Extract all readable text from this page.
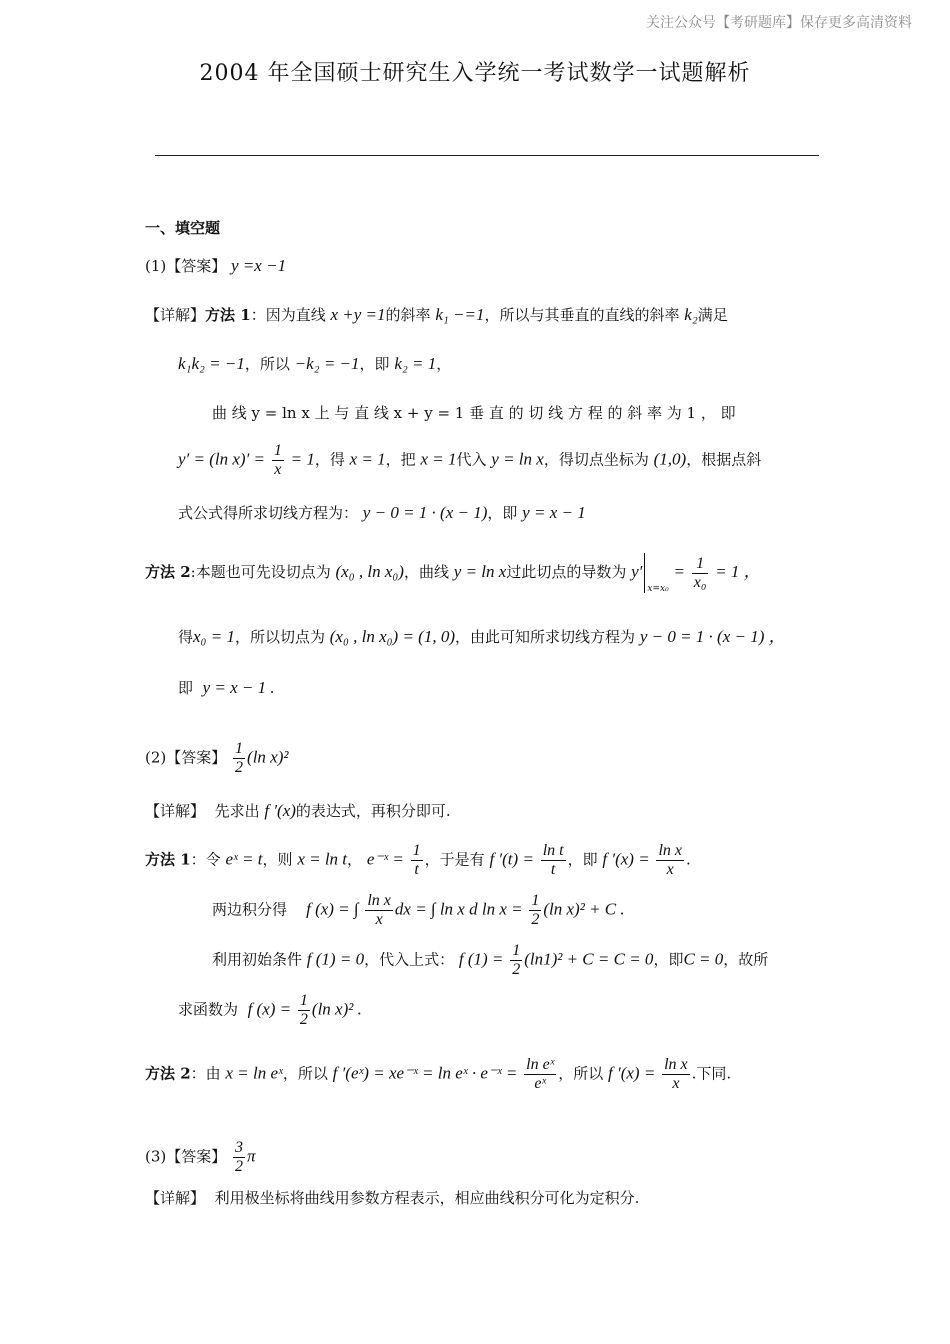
关注公众号【考研题库】保存更多高清资料
2004 年全国硕士研究生入学统一考试数学一试题解析
一、填空题
(1)【答案】 y =x −1
【详解】方法 1：因为直线 x +y =1的斜率 k₁ −=1，所以与其垂直的直线的斜率 k₂满足
k₁k₂ = −1，所以 −k₂ = −1，即 k₂ = 1，
曲 线 y = ln x 上 与 直 线 x + y = 1 垂 直 的 切 线 方 程 的 斜 率 为 1 ， 即
y′ = (ln $x)' = \frac{1}{x} = 1$，得 x = 1，把 x = 1代入 y = ln x，得切点坐标为 (1,0)，根据点斜
式公式得所求切线方程为： y − 0 = 1 · (x − 1)，即 y = x − 1
方法 2:本题也可先设切点为 (x₀ , ln x₀)，曲线 y = ln x过此切点的导数为 $y'_{x=x_0} = \frac{1}{\text{x₀}} = 1$ ，
得x₀ = 1，所以切点为 (x₀ , ln x₀) = (1, 0)，由此可知所求切线方程为 y − 0 = 1 · (x − 1) ，
即 y = x − 1 .
(2)【答案】 $\frac{1}{2} (\ln$ x)²
【详解】 先求出 f ′(x)的表达式，再积分即可.
方法 1：令 eˣ = t，则 x = ln t， e⁻ˣ = $\frac{1}{t}$ ，于是有 f $'(t) = \frac{\text{ln t}}{t}$ ，即 f $'(x) = \frac{\text{ln x}}{x}$ .
两边积分得 f (x) = ∫ $\frac{\text{ln x}}{x}$ dx = ∫ ln x d $\ln x = \frac{1}{2} (\ln$ x)² + C .
利用初始条件 f (1) = 0，代入上式： f $(1) = \frac{1}{2} (\ln 1)^2 + C = C = 0$，即C = 0，故所
求函数为 f $(x) = \frac{1}{2} (\ln$ x)² .
方法 2：由 x = ln eˣ，所以 f ′(eˣ) = xe⁻ˣ = ln eˣ · e⁻ˣ = $\frac{\text{ln eˣ}}{\text{eˣ}}$ ，所以 f $'(x) = \frac{\text{ln x}}{x}$ .下同.
(3)【答案】 $\frac{3}{2}$ π
【详解】 利用极坐标将曲线用参数方程表示，相应曲线积分可化为定积分.
